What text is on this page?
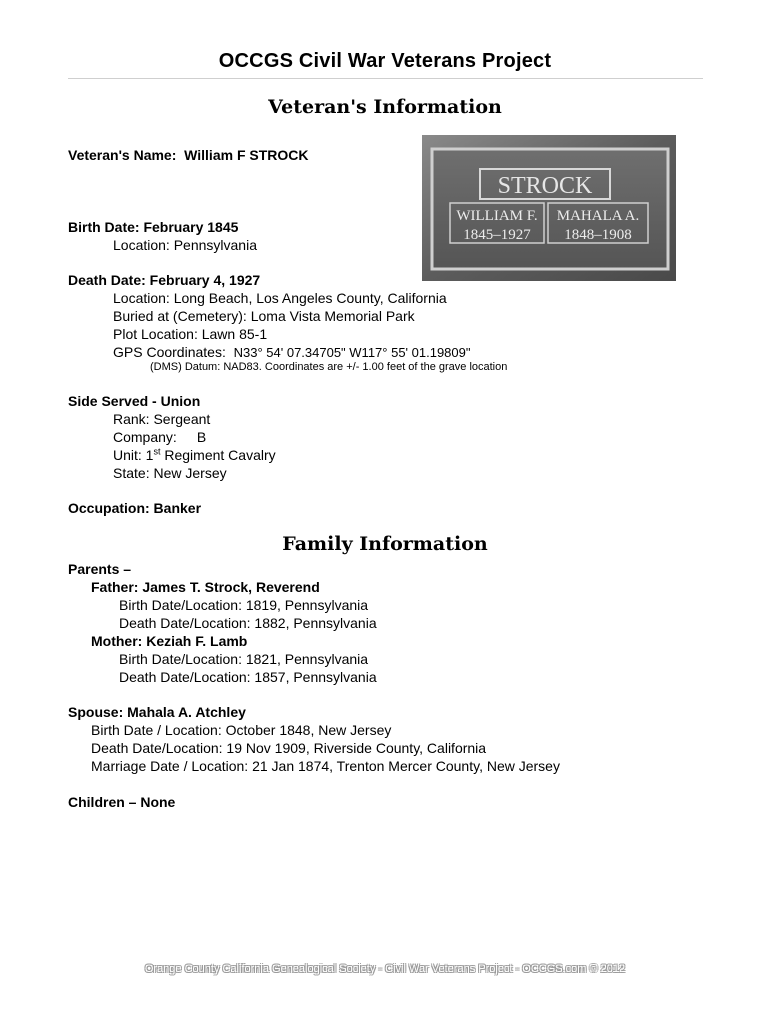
OCCGS Civil War Veterans Project
Veteran's Information
Veteran's Name: William F STROCK
STROCK
WILLIAM F.
1845–1927
MAHALA A.
1848–1908
Birth Date: February 1845
Location: Pennsylvania
Death Date: February 4, 1927
Location: Long Beach, Los Angeles County, California
Buried at (Cemetery): Loma Vista Memorial Park
Plot Location: Lawn 85-1
GPS Coordinates: N33° 54' 07.34705" W117° 55' 01.19809"
(DMS) Datum: NAD83. Coordinates are +/- 1.00 feet of the grave location
Side Served - Union
Rank: Sergeant
Company: B
Unit: 1st Regiment Cavalry
State: New Jersey
Occupation: Banker
Family Information
Parents –
Father: James T. Strock, Reverend
Birth Date/Location: 1819, Pennsylvania
Death Date/Location: 1882, Pennsylvania
Mother: Keziah F. Lamb
Birth Date/Location: 1821, Pennsylvania
Death Date/Location: 1857, Pennsylvania
Spouse: Mahala A. Atchley
Birth Date / Location: October 1848, New Jersey
Death Date/Location: 19 Nov 1909, Riverside County, California
Marriage Date / Location: 21 Jan 1874, Trenton Mercer County, New Jersey
Children – None
Orange County California Genealogical Society - Civil War Veterans Project - OCCGS.com © 2012
